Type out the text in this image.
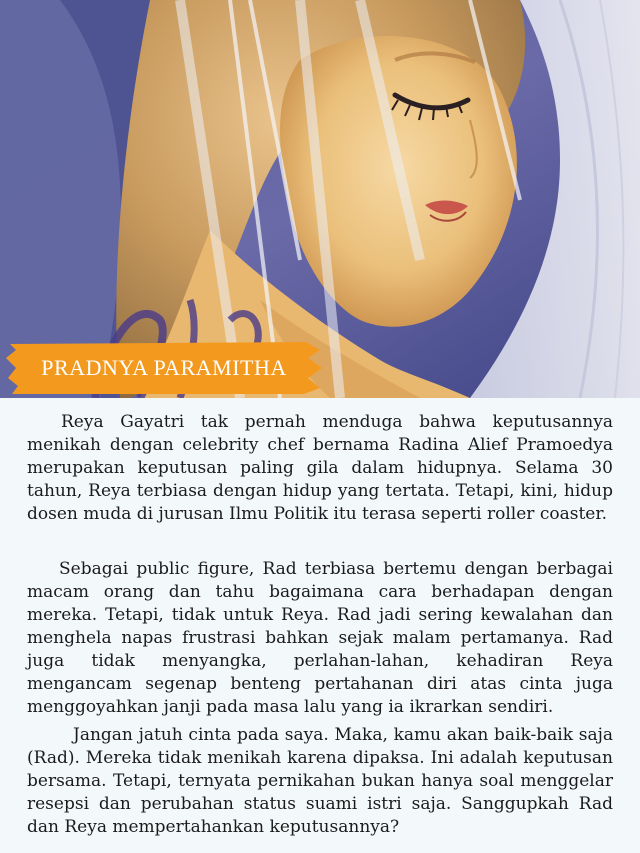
PRADNYA PARAMITHA

Reya Gayatri tak pernah menduga bahwa keputusannya menikah dengan celebrity chef bernama Radina Alief Pramoedya merupakan keputusan paling gila dalam hidupnya. Selama 30 tahun, Reya terbiasa dengan hidup yang tertata. Tetapi, kini, hidup dosen muda di jurusan Ilmu Politik itu terasa seperti roller coaster.

Sebagai public figure, Rad terbiasa bertemu dengan berbagai macam orang dan tahu bagaimana cara berhadapan dengan mereka. Tetapi, tidak untuk Reya. Rad jadi sering kewalahan dan menghela napas frustrasi bahkan sejak malam pertamanya. Rad juga tidak menyangka, perlahan-lahan, kehadiran Reya mengancam segenap benteng pertahanan diri atas cinta juga menggoyahkan janji pada masa lalu yang ia ikrarkan sendiri.

Jangan jatuh cinta pada saya. Maka, kamu akan baik-baik saja (Rad). Mereka tidak menikah karena dipaksa. Ini adalah keputusan bersama. Tetapi, ternyata pernikahan bukan hanya soal menggelar resepsi dan perubahan status suami istri saja. Sanggupkah Rad dan Reya mempertahankan keputusannya?
